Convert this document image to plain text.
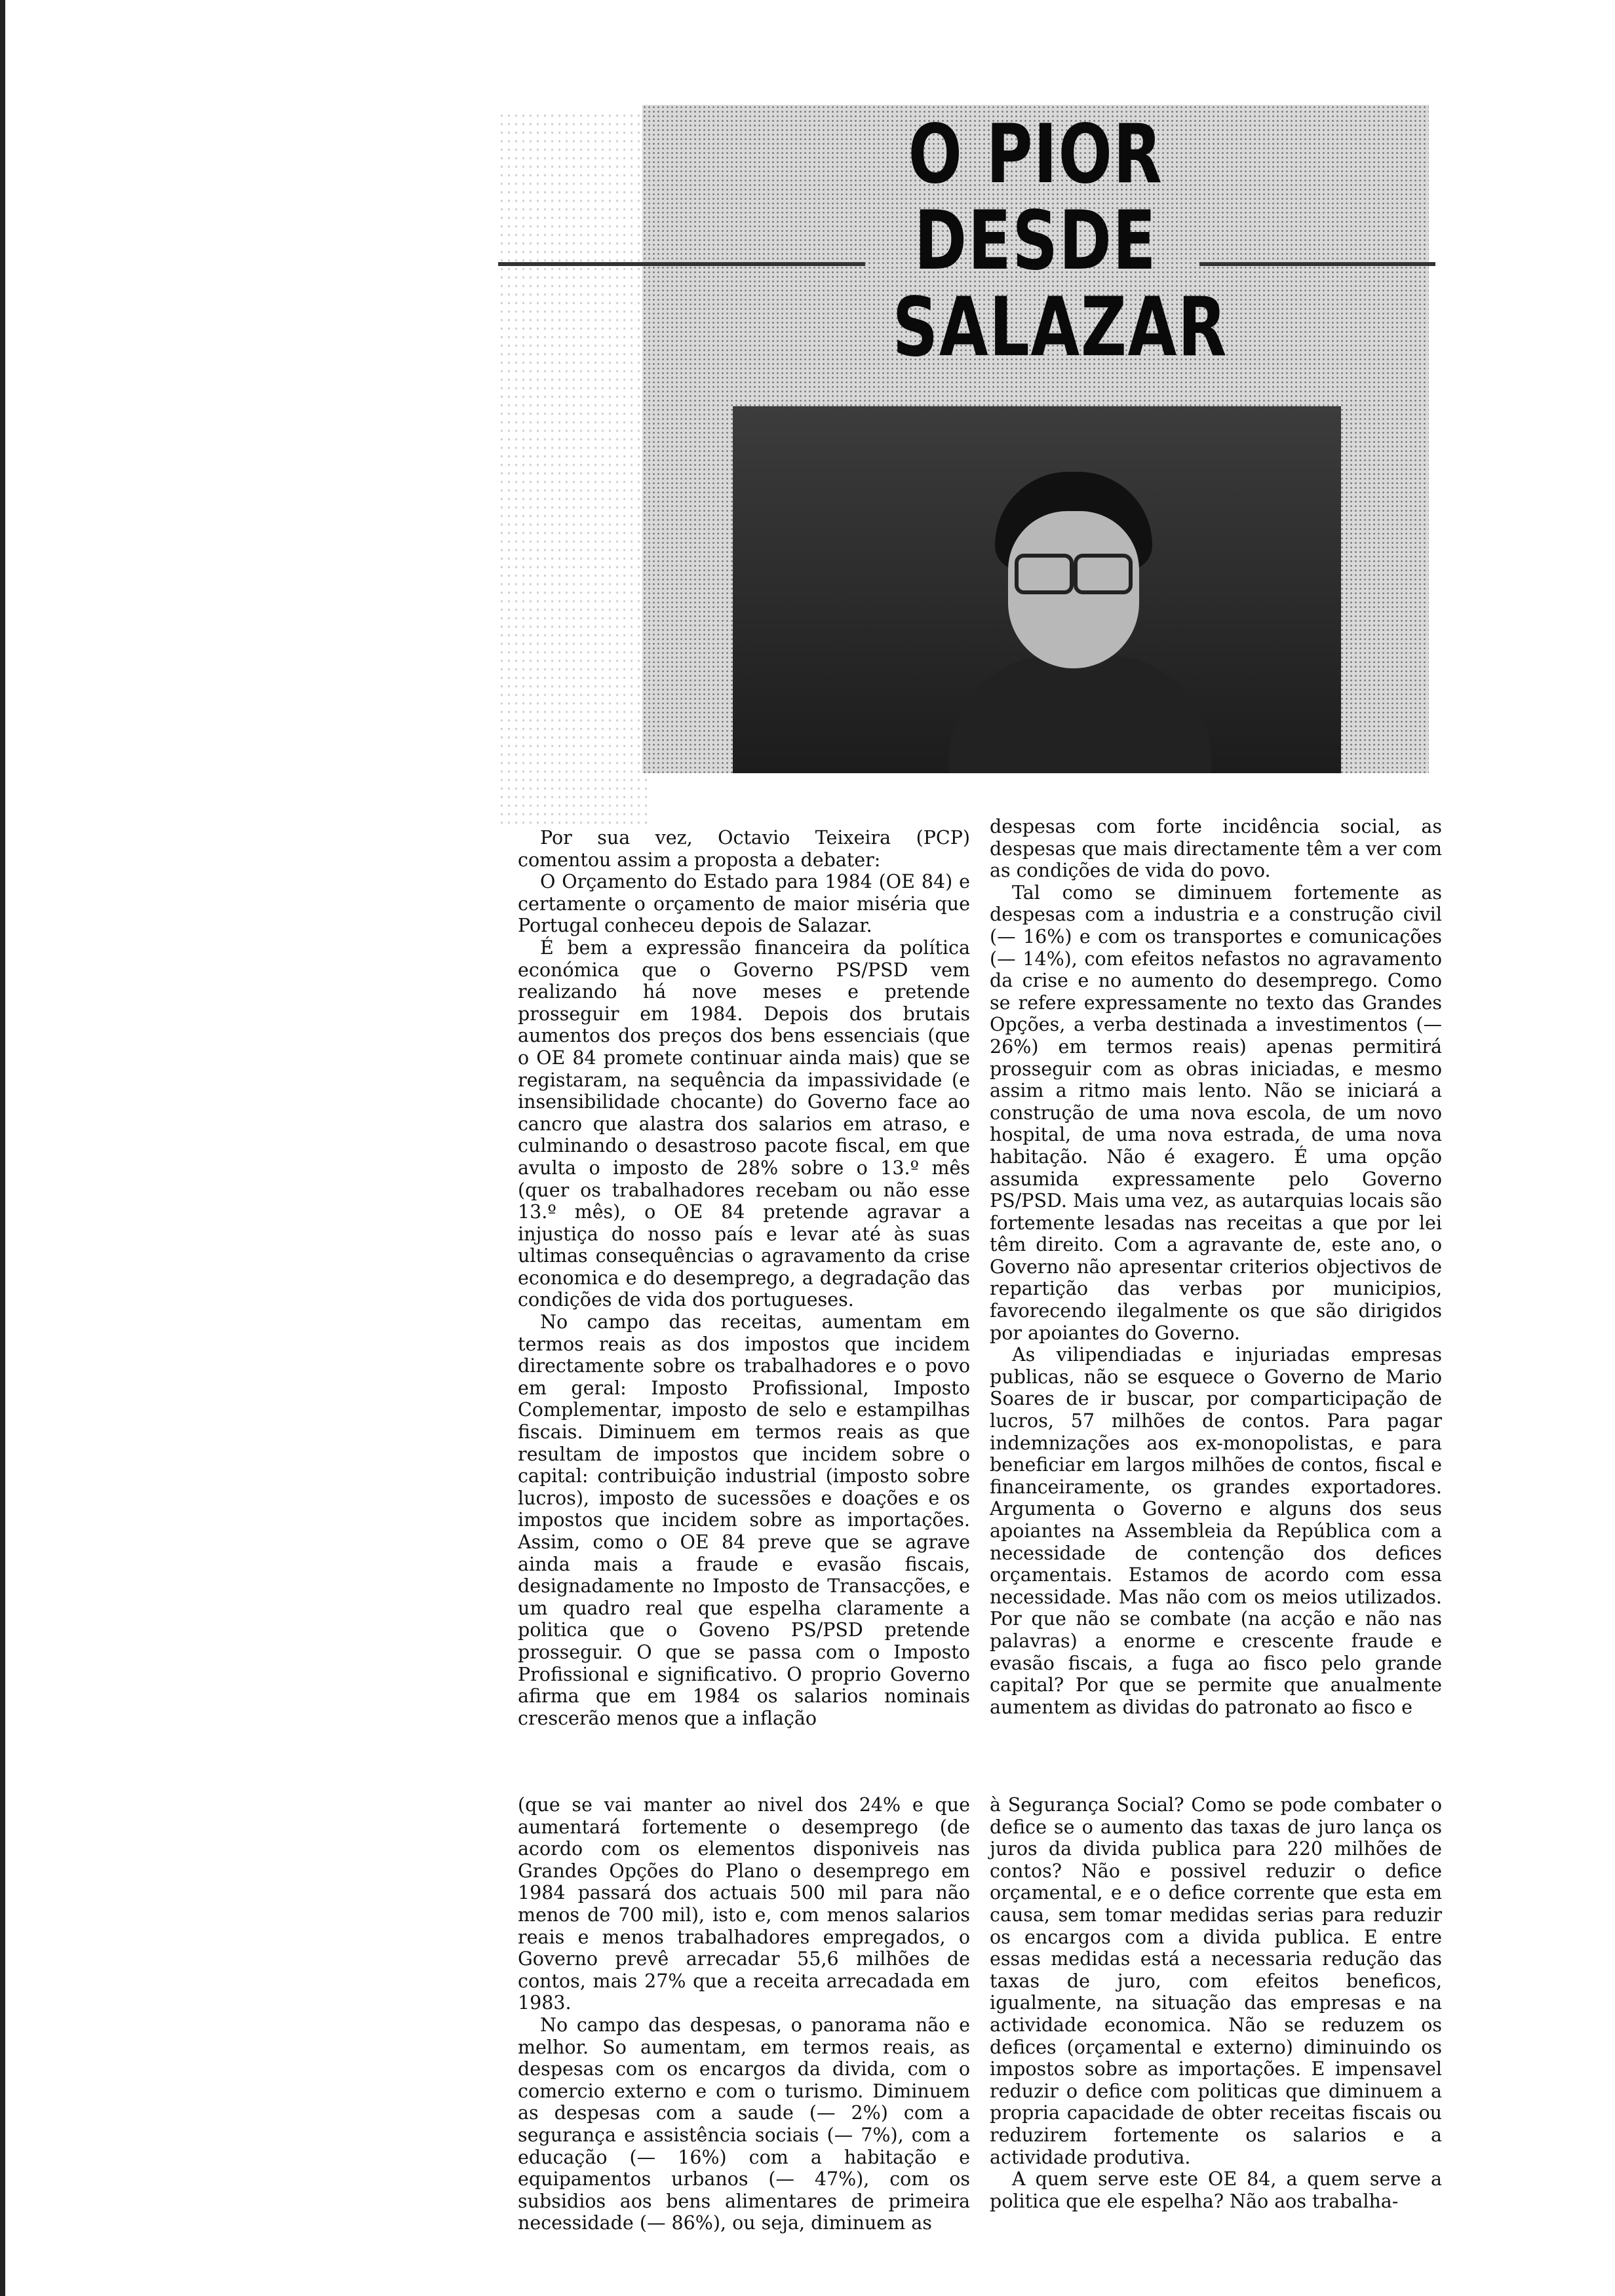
O PIOR
DESDE
SALAZAR

Por sua vez, Octavio Teixeira (PCP) comentou assim a proposta a debater:

O Orçamento do Estado para 1984 (OE 84) e certamente o orçamento de maior miséria que Portugal conheceu depois de Salazar.

É bem a expressão financeira da política económica que o Governo PS/PSD vem realizando há nove meses e pretende prosseguir em 1984. Depois dos brutais aumentos dos preços dos bens essenciais (que o OE 84 promete continuar ainda mais) que se registaram, na sequência da impassividade (e insensibilidade chocante) do Governo face ao cancro que alastra dos salarios em atraso, e culminando o desastroso pacote fiscal, em que avulta o imposto de 28% sobre o 13.º mês (quer os trabalhadores recebam ou não esse 13.º mês), o OE 84 pretende agravar a injustiça do nosso país e levar até às suas ultimas consequências o agravamento da crise economica e do desemprego, a degradação das condições de vida dos portugueses.

No campo das receitas, aumentam em termos reais as dos impostos que incidem directamente sobre os trabalhadores e o povo em geral: Imposto Profissional, Imposto Complementar, imposto de selo e estampilhas fiscais. Diminuem em termos reais as que resultam de impostos que incidem sobre o capital: contribuição industrial (imposto sobre lucros), imposto de sucessões e doações e os impostos que incidem sobre as importações. Assim, como o OE 84 preve que se agrave ainda mais a fraude e evasão fiscais, designadamente no Imposto de Transacções, e um quadro real que espelha claramente a politica que o Goveno PS/PSD pretende prosseguir. O que se passa com o Imposto Profissional e significativo. O proprio Governo afirma que em 1984 os salarios nominais crescerão menos que a inflação

despesas com forte incidência social, as despesas que mais directamente têm a ver com as condições de vida do povo.

Tal como se diminuem fortemente as despesas com a industria e a construção civil (— 16%) e com os transportes e comunicações (— 14%), com efeitos nefastos no agravamento da crise e no aumento do desemprego. Como se refere expressamente no texto das Grandes Opções, a verba destinada a investimentos (— 26%) em termos reais) apenas permitirá prosseguir com as obras iniciadas, e mesmo assim a ritmo mais lento. Não se iniciará a construção de uma nova escola, de um novo hospital, de uma nova estrada, de uma nova habitação. Não é exagero. É uma opção assumida expressamente pelo Governo PS/PSD. Mais uma vez, as autarquias locais são fortemente lesadas nas receitas a que por lei têm direito. Com a agravante de, este ano, o Governo não apresentar criterios objectivos de repartição das verbas por municipios, favorecendo ilegalmente os que são dirigidos por apoiantes do Governo.

As vilipendiadas e injuriadas empresas publicas, não se esquece o Governo de Mario Soares de ir buscar, por comparticipação de lucros, 57 milhões de contos. Para pagar indemnizações aos ex-monopolistas, e para beneficiar em largos milhões de contos, fiscal e financeiramente, os grandes exportadores. Argumenta o Governo e alguns dos seus apoiantes na Assembleia da República com a necessidade de contenção dos defices orçamentais. Estamos de acordo com essa necessidade. Mas não com os meios utilizados. Por que não se combate (na acção e não nas palavras) a enorme e crescente fraude e evasão fiscais, a fuga ao fisco pelo grande capital? Por que se permite que anualmente aumentem as dividas do patronato ao fisco e

(que se vai manter ao nivel dos 24% e que aumentará fortemente o desemprego (de acordo com os elementos disponiveis nas Grandes Opções do Plano o desemprego em 1984 passará dos actuais 500 mil para não menos de 700 mil), isto e, com menos salarios reais e menos trabalhadores empregados, o Governo prevê arrecadar 55,6 milhões de contos, mais 27% que a receita arrecadada em 1983.

No campo das despesas, o panorama não e melhor. So aumentam, em termos reais, as despesas com os encargos da divida, com o comercio externo e com o turismo. Diminuem as despesas com a saude (— 2%) com a segurança e assistência sociais (— 7%), com a educação (— 16%) com a habitação e equipamentos urbanos (— 47%), com os subsidios aos bens alimentares de primeira necessidade (— 86%), ou seja, diminuem as

à Segurança Social? Como se pode combater o defice se o aumento das taxas de juro lança os juros da divida publica para 220 milhões de contos? Não e possivel reduzir o defice orçamental, e e o defice corrente que esta em causa, sem tomar medidas serias para reduzir os encargos com a divida publica. E entre essas medidas está a necessaria redução das taxas de juro, com efeitos beneficos, igualmente, na situação das empresas e na actividade economica. Não se reduzem os defices (orçamental e externo) diminuindo os impostos sobre as importações. E impensavel reduzir o defice com politicas que diminuem a propria capacidade de obter receitas fiscais ou reduzirem fortemente os salarios e a actividade produtiva.

A quem serve este OE 84, a quem serve a politica que ele espelha? Não aos trabalha-
